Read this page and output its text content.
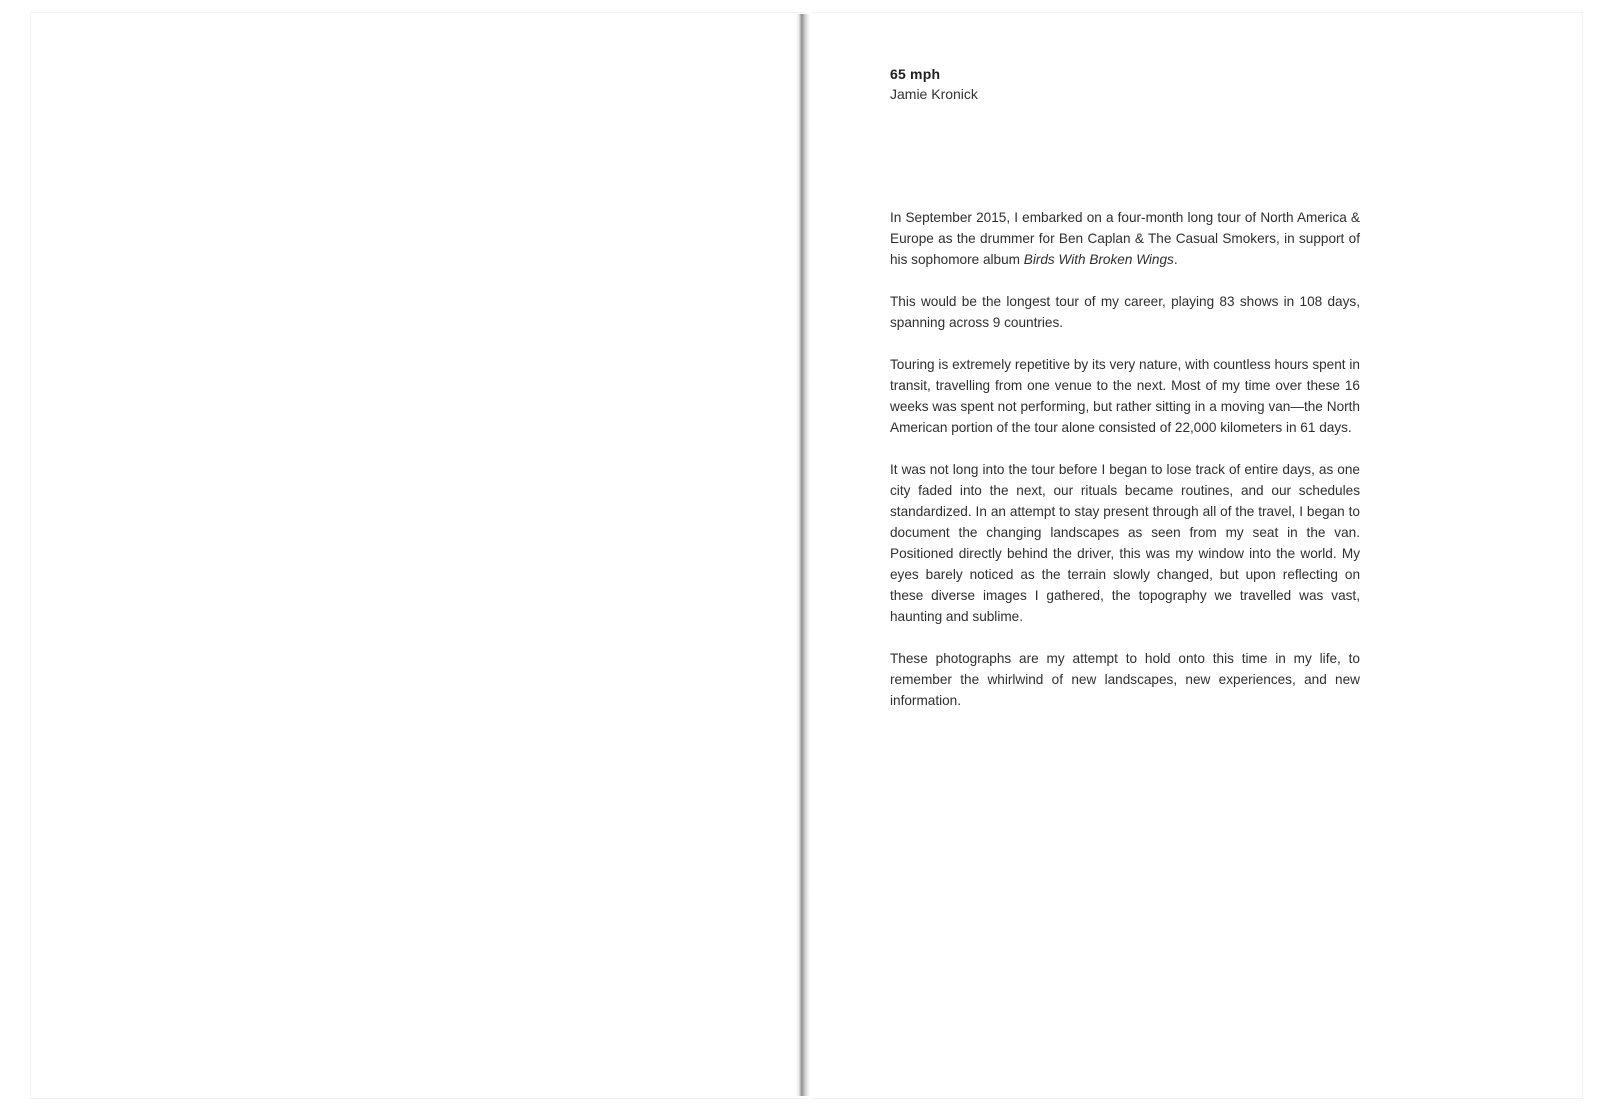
65 mph
Jamie Kronick

In September 2015, I embarked on a four-month long tour of North America & Europe as the drummer for Ben Caplan & The Casual Smokers, in support of his sophomore album Birds With Broken Wings.

This would be the longest tour of my career, playing 83 shows in 108 days, spanning across 9 countries.

Touring is extremely repetitive by its very nature, with countless hours spent in transit, travelling from one venue to the next. Most of my time over these 16 weeks was spent not performing, but rather sitting in a moving van—the North American portion of the tour alone consisted of 22,000 kilometers in 61 days.

It was not long into the tour before I began to lose track of entire days, as one city faded into the next, our rituals became routines, and our schedules standardized. In an attempt to stay present through all of the travel, I began to document the changing landscapes as seen from my seat in the van. Positioned directly behind the driver, this was my window into the world. My eyes barely noticed as the terrain slowly changed, but upon reflecting on these diverse images I gathered, the topography we travelled was vast, haunting and sublime.

These photographs are my attempt to hold onto this time in my life, to remember the whirlwind of new landscapes, new experiences, and new information.
